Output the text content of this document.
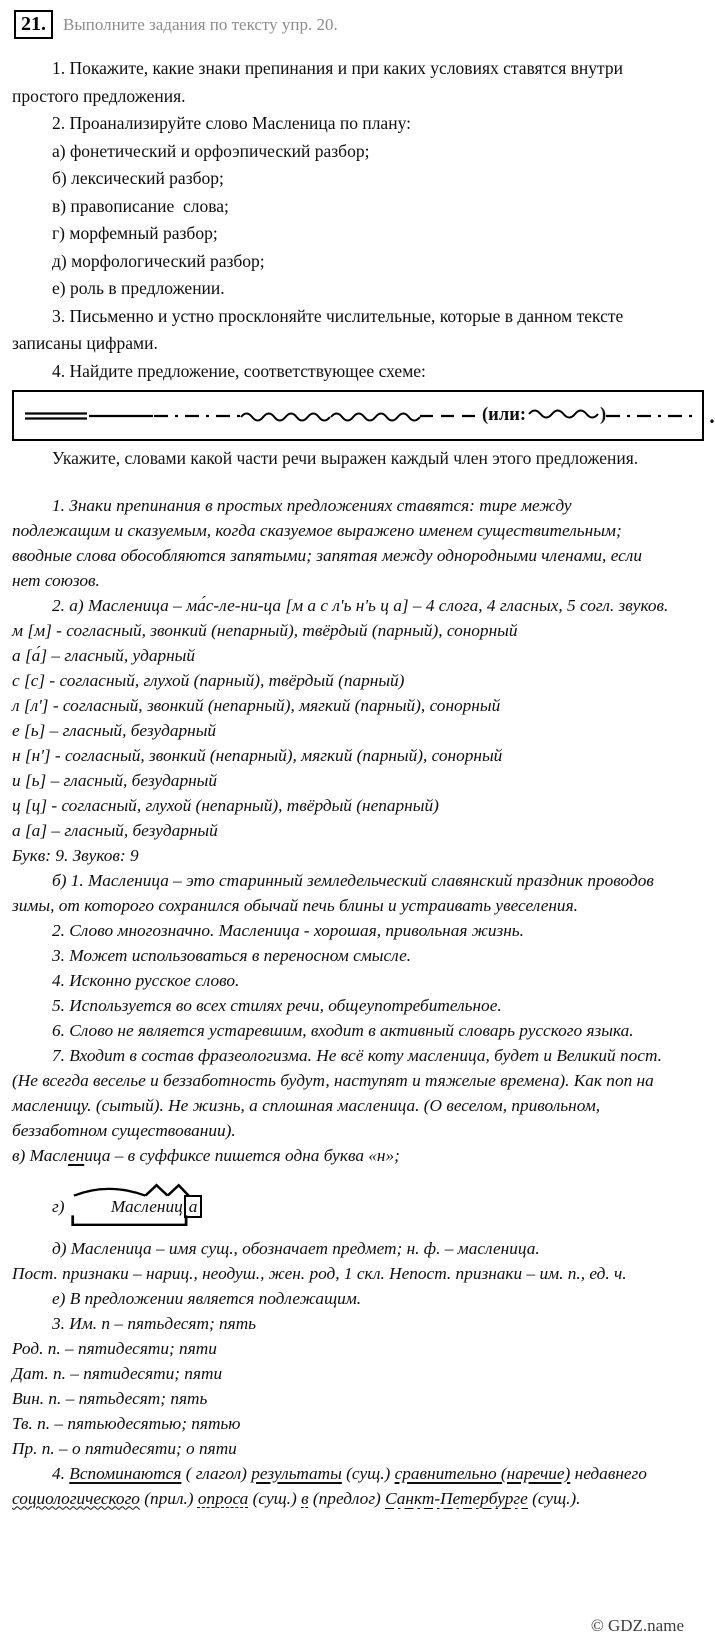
21.	Выполните задания по тексту упр. 20.
1. Покажите, какие знаки препинания и при каких условиях ставятся внутри простого предложения.
2. Проанализируйте слово Масленица по плану:
а) фонетический и орфоэпический разбор;
б) лексический разбор;
в) правописание  слова;
г) морфемный разбор;
д) морфологический разбор;
е) роль в предложении.
3. Письменно и устно просклоняйте числительные, которые в данном тексте записаны цифрами.
4. Найдите предложение, соответствующее схеме:
(или:	)	.
Укажите, словами какой части речи выражен каждый член этого предложения.
1. Знаки препинания в простых предложениях ставятся: тире между подлежащим и сказуемым, когда сказуемое выражено именем существительным; вводные слова обособляются запятыми; запятая между однородными членами, если нет союзов.
2. а) Масленица – ма́с-ле-ни-ца [м а с л'ь н'ь ц а] – 4 слога, 4 гласных, 5 согл. звуков.
м [м] - согласный, звонкий (непарный), твёрдый (парный), сонорный
а [а́] – гласный, ударный
с [с] - согласный, глухой (парный), твёрдый (парный)
л [л'] - согласный, звонкий (непарный), мягкий (парный), сонорный
е [ь] – гласный, безударный
н [н'] - согласный, звонкий (непарный), мягкий (парный), сонорный
и [ь] – гласный, безударный
ц [ц] - согласный, глухой (непарный), твёрдый (непарный)
а [а] – гласный, безударный
Букв: 9. Звуков: 9
б) 1. Масленица – это старинный земледельческий славянский праздник проводов зимы, от которого сохранился обычай печь блины и устраивать увеселения.
2. Слово многозначно. Масленица - хорошая, привольная жизнь.
3. Может использоваться в переносном смысле.
4. Исконно русское слово.
5. Используется во всех стилях речи, общеупотребительное.
6. Слово не является устаревшим, входит в активный словарь русского языка.
7. Входит в состав фразеологизма. Не всё коту масленица, будет и Великий пост. (Не всегда веселье и беззаботность будут, наступят и тяжелые времена). Как поп на масленицу. (сытый). Не жизнь, а сплошная масленица. (О веселом, привольном, беззаботном существовании).
в) Масленица – в суффиксе пишется одна буква «н»;
г)
Маслениц а
д) Масленица – имя сущ., обозначает предмет; н. ф. – масленица.
Пост. признаки – нариц., неодуш., жен. род, 1 скл. Непост. признаки – им. п., ед. ч.
е) В предложении является подлежащим.
3. Им. п – пятьдесят; пять
Род. п. – пятидесяти; пяти
Дат. п. – пятидесяти; пяти
Вин. п. – пятьдесят; пять
Тв. п. – пятьюдесятью; пятью
Пр. п. – о пятидесяти; о пяти
4. Вспоминаются ( глагол) результаты (сущ.) сравнительно (наречие) недавнего социологического (прил.) опроса (сущ.) в (предлог) Санкт-Петербурге (сущ.).
© GDZ.name
